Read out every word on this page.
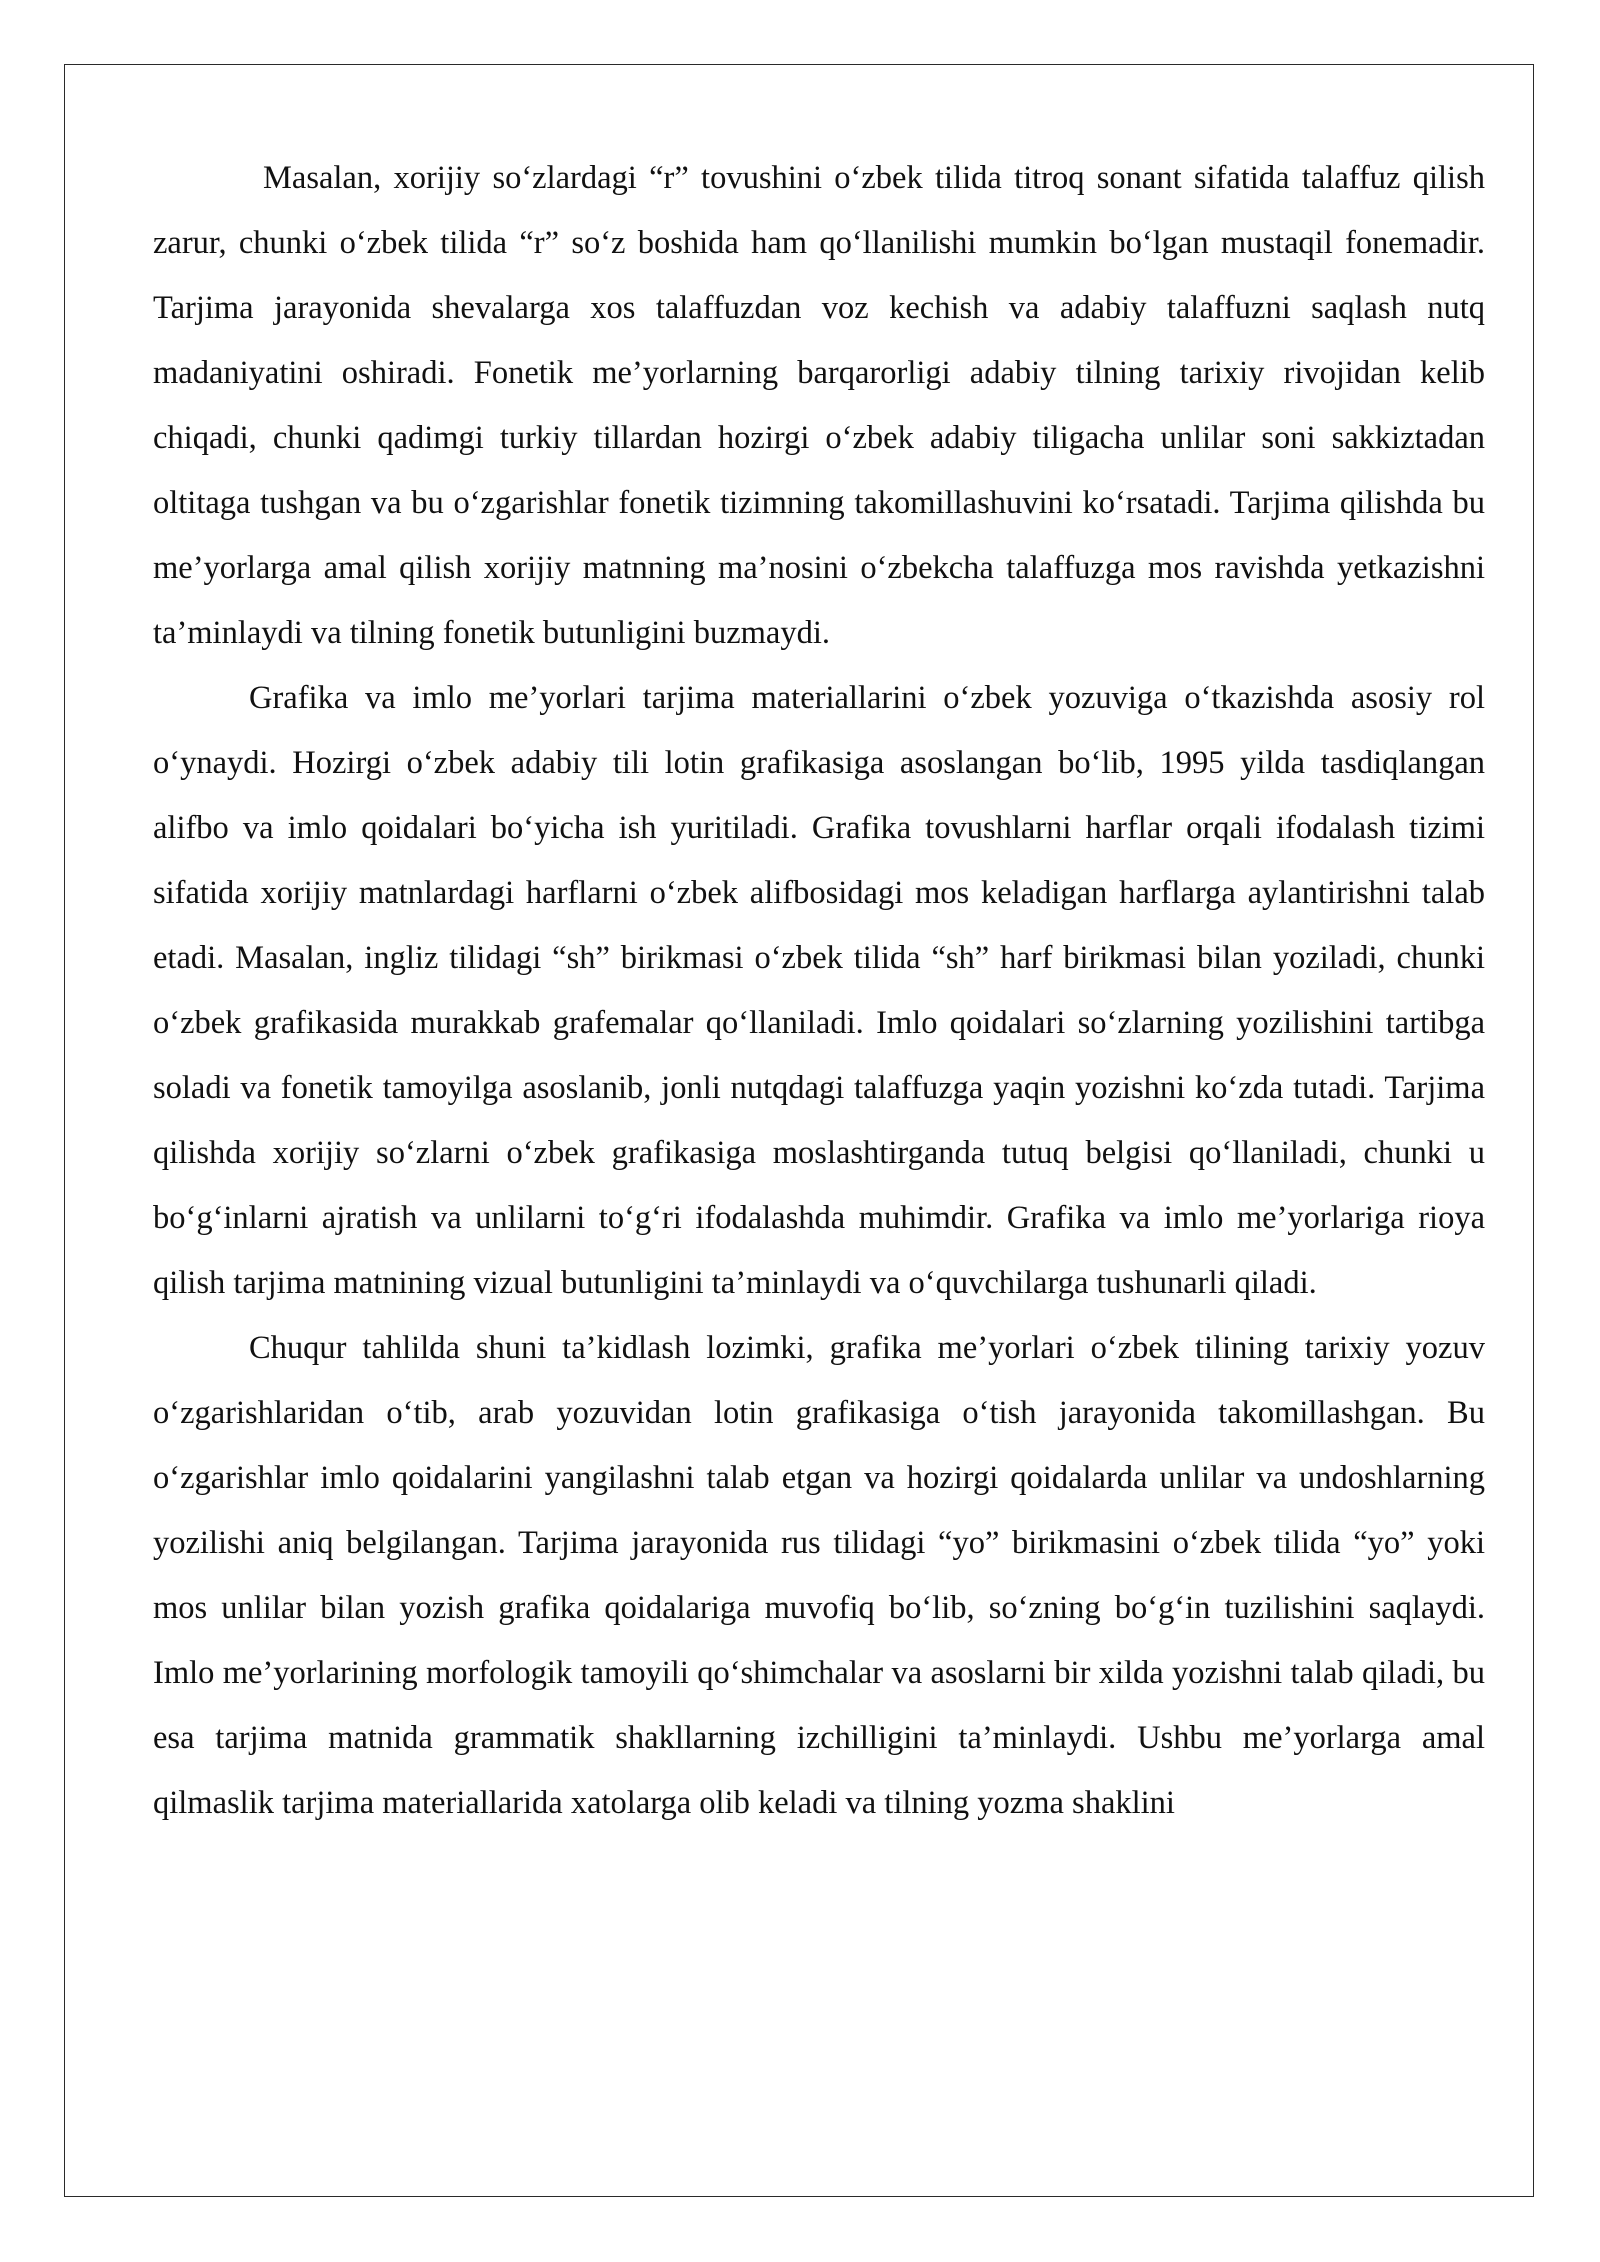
Masalan, xorijiy so‘zlardagi “r” tovushini o‘zbek tilida titroq sonant sifatida talaffuz qilish zarur, chunki o‘zbek tilida “r” so‘z boshida ham qo‘llanilishi mumkin bo‘lgan mustaqil fonemadir. Tarjima jarayonida shevalarga xos talaffuzdan voz kechish va adabiy talaffuzni saqlash nutq madaniyatini oshiradi. Fonetik me’yorlarning barqarorligi adabiy tilning tarixiy rivojidan kelib chiqadi, chunki qadimgi turkiy tillardan hozirgi o‘zbek adabiy tiligacha unlilar soni sakkiztadan oltitaga tushgan va bu o‘zgarishlar fonetik tizimning takomillashuvini ko‘rsatadi. Tarjima qilishda bu me’yorlarga amal qilish xorijiy matnning ma’nosini o‘zbekcha talaffuzga mos ravishda yetkazishni ta’minlaydi va tilning fonetik butunligini buzmaydi.

Grafika va imlo me’yorlari tarjima materiallarini o‘zbek yozuviga o‘tkazishda asosiy rol o‘ynaydi. Hozirgi o‘zbek adabiy tili lotin grafikasiga asoslangan bo‘lib, 1995 yilda tasdiqlangan alifbo va imlo qoidalari bo‘yicha ish yuritiladi. Grafika tovushlarni harflar orqali ifodalash tizimi sifatida xorijiy matnlardagi harflarni o‘zbek alifbosidagi mos keladigan harflarga aylantirishni talab etadi. Masalan, ingliz tilidagi “sh” birikmasi o‘zbek tilida “sh” harf birikmasi bilan yoziladi, chunki o‘zbek grafikasida murakkab grafemalar qo‘llaniladi. Imlo qoidalari so‘zlarning yozilishini tartibga soladi va fonetik tamoyilga asoslanib, jonli nutqdagi talaffuzga yaqin yozishni ko‘zda tutadi. Tarjima qilishda xorijiy so‘zlarni o‘zbek grafikasiga moslashtirganda tutuq belgisi qo‘llaniladi, chunki u bo‘g‘inlarni ajratish va unlilarni to‘g‘ri ifodalashda muhimdir. Grafika va imlo me’yorlariga rioya qilish tarjima matnining vizual butunligini ta’minlaydi va o‘quvchilarga tushunarli qiladi.

Chuqur tahlilda shuni ta’kidlash lozimki, grafika me’yorlari o‘zbek tilining tarixiy yozuv o‘zgarishlaridan o‘tib, arab yozuvidan lotin grafikasiga o‘tish jarayonida takomillashgan. Bu o‘zgarishlar imlo qoidalarini yangilashni talab etgan va hozirgi qoidalarda unlilar va undoshlarning yozilishi aniq belgilangan. Tarjima jarayonida rus tilidagi “yo” birikmasini o‘zbek tilida “yo” yoki mos unlilar bilan yozish grafika qoidalariga muvofiq bo‘lib, so‘zning bo‘g‘in tuzilishini saqlaydi. Imlo me’yorlarining morfologik tamoyili qo‘shimchalar va asoslarni bir xilda yozishni talab qiladi, bu esa tarjima matnida grammatik shakllarning izchilligini ta’minlaydi. Ushbu me’yorlarga amal qilmaslik tarjima materiallarida xatolarga olib keladi va tilning yozma shaklini
